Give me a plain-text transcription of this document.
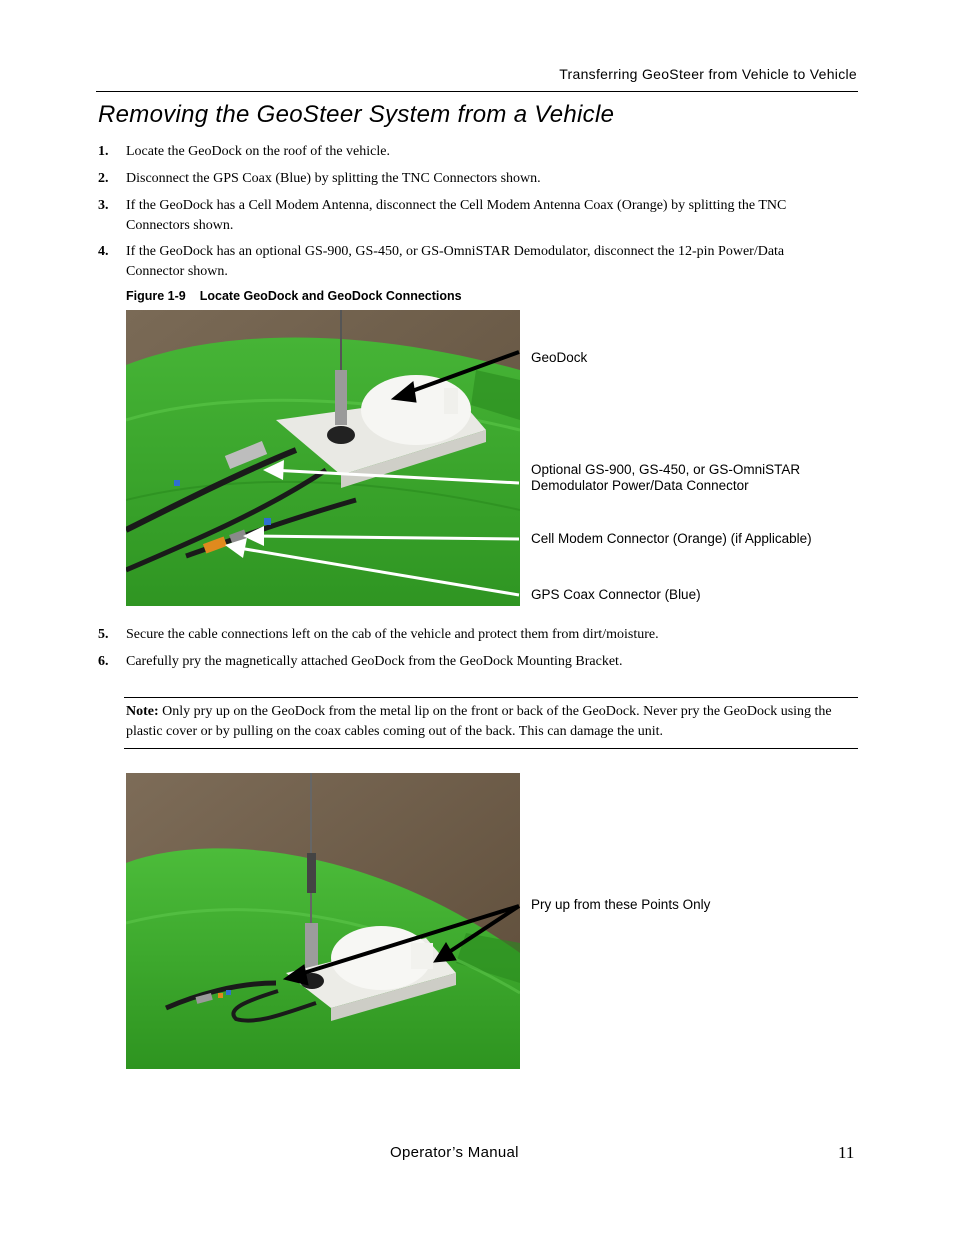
Transferring GeoSteer from Vehicle to Vehicle
Removing the GeoSteer System from a Vehicle
1. Locate the GeoDock on the roof of the vehicle.
2. Disconnect the GPS Coax (Blue) by splitting the TNC Connectors shown.
3. If the GeoDock has a Cell Modem Antenna, disconnect the Cell Modem Antenna Coax (Orange) by splitting the TNC Connectors shown.
4. If the GeoDock has an optional GS-900, GS-450, or GS-OmniSTAR Demodulator, disconnect the 12-pin Power/Data Connector shown.
Figure 1-9 Locate GeoDock and GeoDock Connections
GeoDock
Optional GS-900, GS-450, or GS-OmniSTAR
Demodulator Power/Data Connector
Cell Modem Connector (Orange) (if Applicable)
GPS Coax Connector (Blue)
5. Secure the cable connections left on the cab of the vehicle and protect them from dirt/moisture.
6. Carefully pry the magnetically attached GeoDock from the GeoDock Mounting Bracket.
Note: Only pry up on the GeoDock from the metal lip on the front or back of the GeoDock. Never pry the GeoDock using the plastic cover or by pulling on the coax cables coming out of the back. This can damage the unit.
Pry up from these Points Only
Operator’s Manual	11
